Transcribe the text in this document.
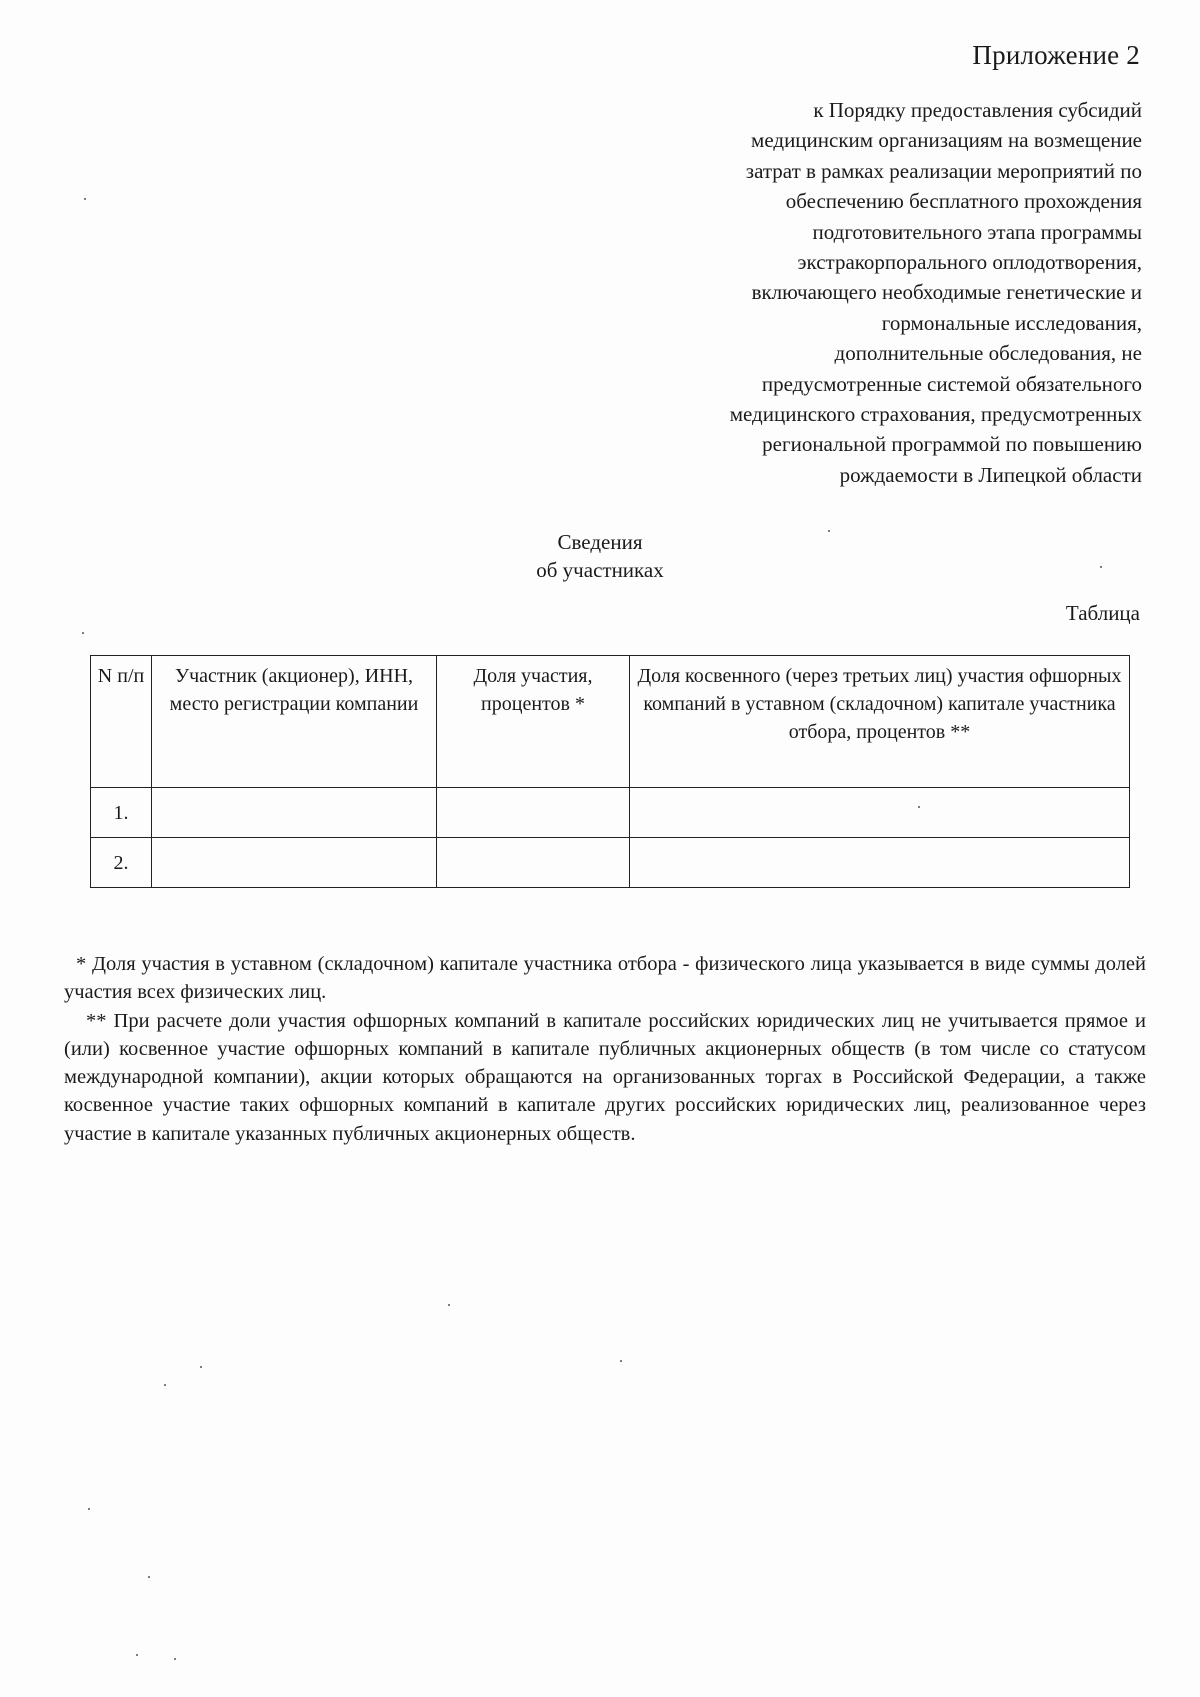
Приложение 2
к Порядку предоставления субсидий
медицинским организациям на возмещение
затрат в рамках реализации мероприятий по
обеспечению бесплатного прохождения
подготовительного этапа программы
экстракорпорального оплодотворения,
включающего необходимые генетические и
гормональные исследования,
дополнительные обследования, не
предусмотренные системой обязательного
медицинского страхования, предусмотренных
региональной программой по повышению
рождаемости в Липецкой области
Сведения
об участниках
Таблица
N п/п	Участник (акционер), ИНН, место регистрации компании	Доля участия, процентов *	Доля косвенного (через третьих лиц) участия офшорных компаний в уставном (складочном) капитале участника отбора, процентов **
1.			
2.			

* Доля участия в уставном (складочном) капитале участника отбора - физического лица указывается в виде суммы долей участия всех физических лиц.

** При расчете доли участия офшорных компаний в капитале российских юридических лиц не учитывается прямое и (или) косвенное участие офшорных компаний в капитале публичных акционерных обществ (в том числе со статусом международной компании), акции которых обращаются на организованных торгах в Российской Федерации, а также косвенное участие таких офшорных компаний в капитале других российских юридических лиц, реализованное через участие в капитале указанных публичных акционерных обществ.
